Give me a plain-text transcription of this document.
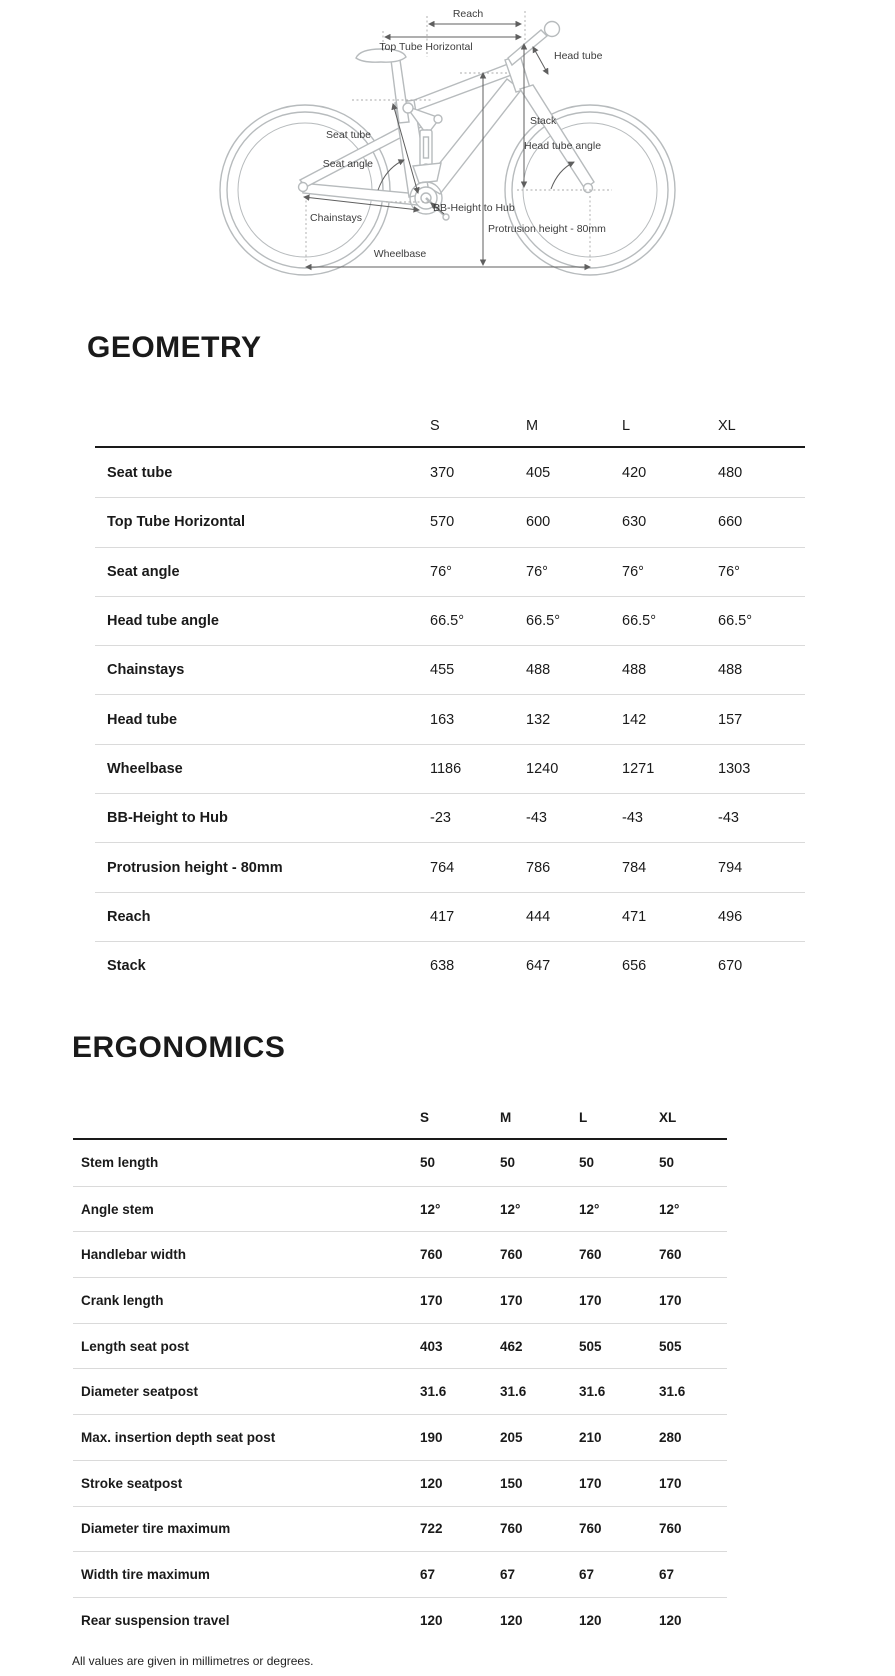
Reach
Top Tube Horizontal
Head tube
Seat tube
Seat angle
Stack
Head tube angle
Chainstays
BB-Height to Hub
Protrusion height - 80mm
Wheelbase
GEOMETRY
S	M	L	XL
Seat tube	370	405	420	480
Top Tube Horizontal	570	600	630	660
Seat angle	76°	76°	76°	76°
Head tube angle	66.5°	66.5°	66.5°	66.5°
Chainstays	455	488	488	488
Head tube	163	132	142	157
Wheelbase	1186	1240	1271	1303
BB-Height to Hub	-23	-43	-43	-43
Protrusion height - 80mm	764	786	784	794
Reach	417	444	471	496
Stack	638	647	656	670
ERGONOMICS
S	M	L	XL
Stem length	50	50	50	50
Angle stem	12°	12°	12°	12°
Handlebar width	760	760	760	760
Crank length	170	170	170	170
Length seat post	403	462	505	505
Diameter seatpost	31.6	31.6	31.6	31.6
Max. insertion depth seat post	190	205	210	280
Stroke seatpost	120	150	170	170
Diameter tire maximum	722	760	760	760
Width tire maximum	67	67	67	67
Rear suspension travel	120	120	120	120
All values are given in millimetres or degrees.
